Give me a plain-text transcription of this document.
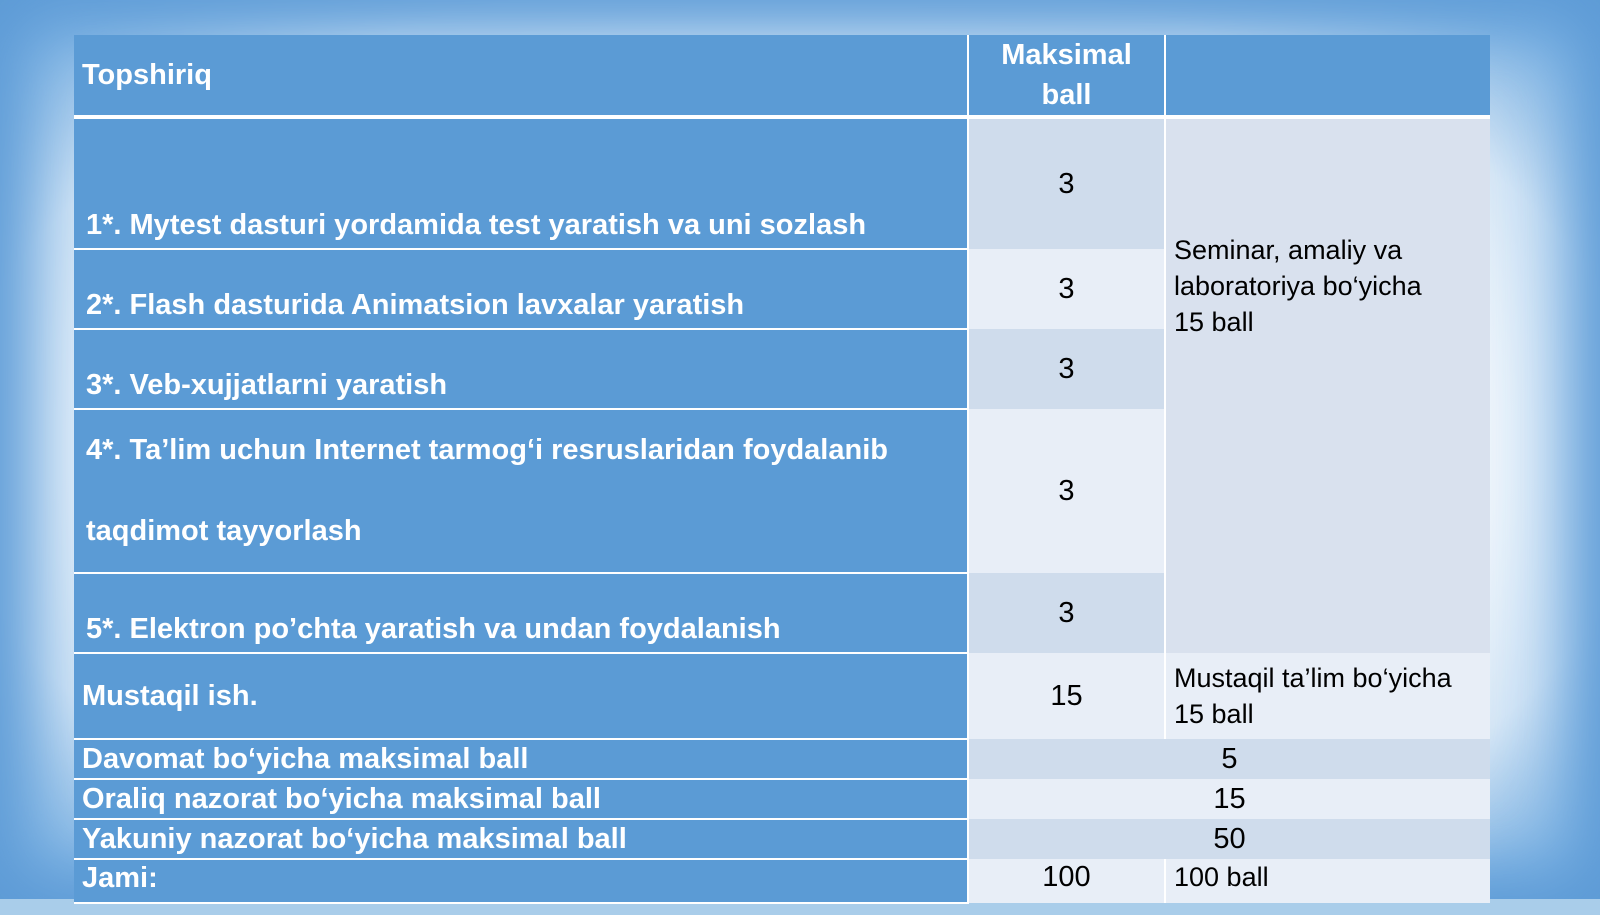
Topshiriq	Maksimal
ball	
1*. Mytest dasturi yordamida test yaratish va uni sozlash	3	Seminar, amaliy va
laboratoriya bo‘yicha
15 ball

2*. Flash dasturida Animatsion lavxalar yaratish	3	
3*. Veb-xujjatlarni yaratish	3	
4*. Ta’lim uchun Internet tarmog‘i resruslaridan foydalanib
taqdimot tayyorlash	3	
5*. Elektron po’chta yaratish va undan foydalanish	3	
Mustaqil ish.	15	Mustaqil ta’lim bo‘yicha
15 ball
Davomat bo‘yicha maksimal ball	5	
Oraliq nazorat bo‘yicha maksimal ball	15	
Yakuniy nazorat bo‘yicha maksimal ball	50	
Jami:	100	100 ball
